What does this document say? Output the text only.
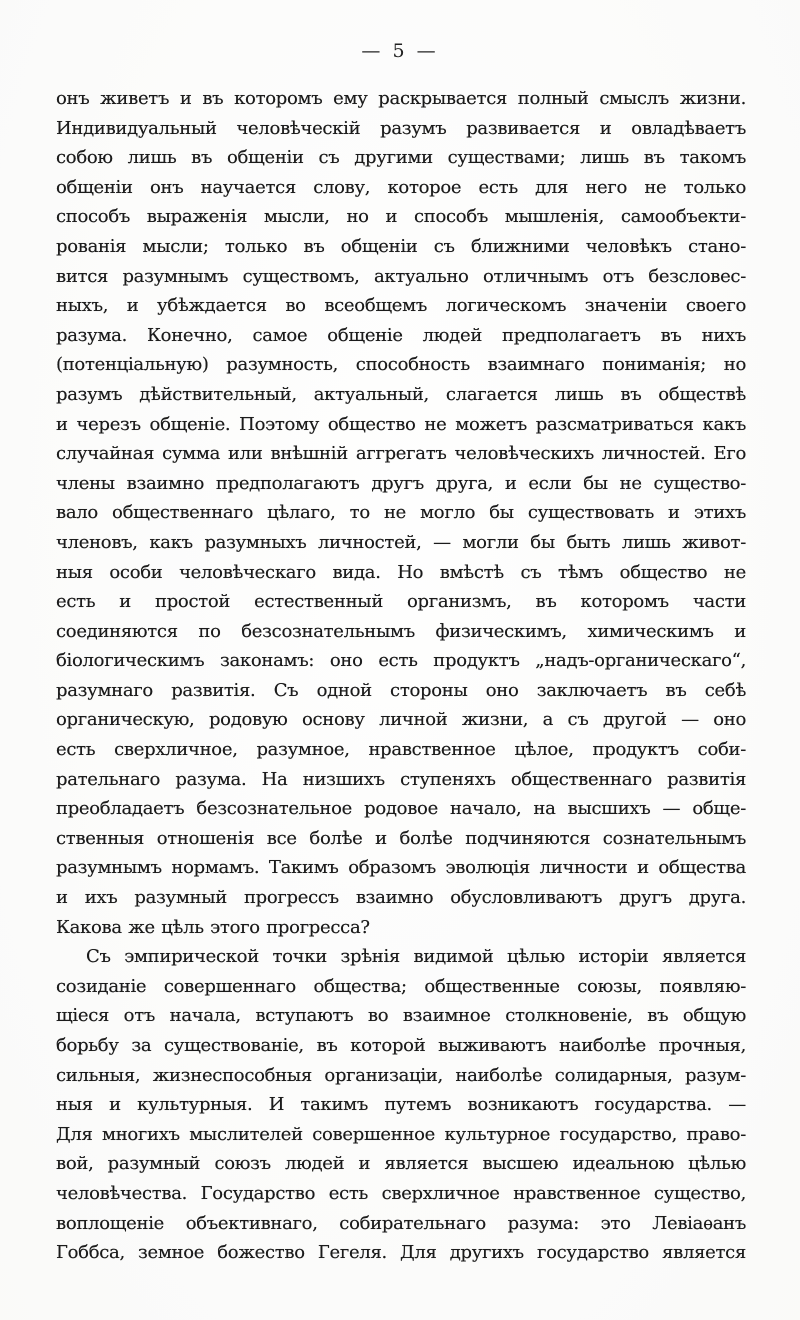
— 5 —
онъ живетъ и въ которомъ ему раскрывается полный смыслъ жизни.
Индивидуальный человѣческій разумъ развивается и овладѣваетъ
собою лишь въ общеніи съ другими существами; лишь въ такомъ
общеніи онъ научается слову, которое есть для него не только
способъ выраженія мысли, но и способъ мышленія, самообъекти-
рованія мысли; только въ общеніи съ ближними человѣкъ стано-
вится разумнымъ существомъ, актуально отличнымъ отъ безсловес-
ныхъ, и убѣждается во всеобщемъ логическомъ значеніи своего
разума. Конечно, самое общеніе людей предполагаетъ въ нихъ
(потенціальную) разумность, способность взаимнаго пониманія; но
разумъ дѣйствительный, актуальный, слагается лишь въ обществѣ
и черезъ общеніе. Поэтому общество не можетъ разсматриваться какъ
случайная сумма или внѣшній аггрегатъ человѣческихъ личностей. Его
члены взаимно предполагаютъ другъ друга, и если бы не существо-
вало общественнаго цѣлаго, то не могло бы существовать и этихъ
членовъ, какъ разумныхъ личностей, — могли бы быть лишь живот-
ныя особи человѣческаго вида. Но вмѣстѣ съ тѣмъ общество не
есть и простой естественный организмъ, въ которомъ части
соединяются по безсознательнымъ физическимъ, химическимъ и
біологическимъ законамъ: оно есть продуктъ „надъ-органическаго“,
разумнаго развитія. Съ одной стороны оно заключаетъ въ себѣ
органическую, родовую основу личной жизни, а съ другой — оно
есть сверхличное, разумное, нравственное цѣлое, продуктъ соби-
рательнаго разума. На низшихъ ступеняхъ общественнаго развитія
преобладаетъ безсознательное родовое начало, на высшихъ — обще-
ственныя отношенія все болѣе и болѣе подчиняются сознательнымъ
разумнымъ нормамъ. Такимъ образомъ эволюція личности и общества
и ихъ разумный прогрессъ взаимно обусловливаютъ другъ друга.
Какова же цѣль этого прогресса?
Съ эмпирической точки зрѣнія видимой цѣлью исторіи является
созиданіе совершеннаго общества; общественные союзы, появляю-
щіеся отъ начала, вступаютъ во взаимное столкновеніе, въ общую
борьбу за существованіе, въ которой выживаютъ наиболѣе прочныя,
сильныя, жизнеспособныя организаціи, наиболѣе солидарныя, разум-
ныя и культурныя. И такимъ путемъ возникаютъ государства. —
Для многихъ мыслителей совершенное культурное государство, право-
вой, разумный союзъ людей и является высшею идеальною цѣлью
человѣчества. Государство есть сверхличное нравственное существо,
воплощеніе объективнаго, собирательнаго разума: это Левіаѳанъ
Гоббса, земное божество Гегеля. Для другихъ государство является
